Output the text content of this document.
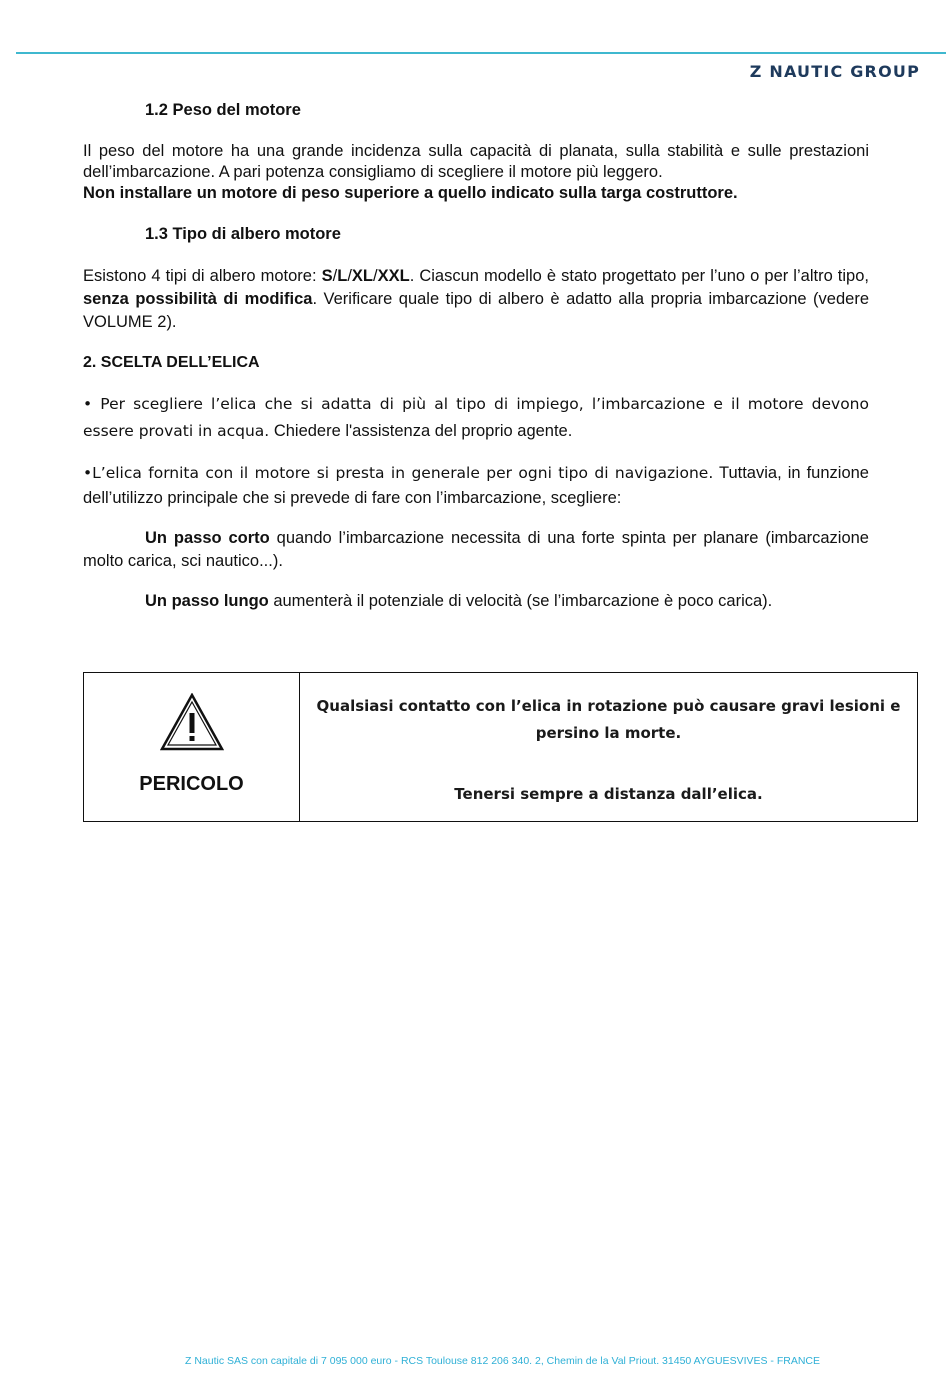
Z NAUTIC GROUP

1.2 Peso del motore

Il peso del motore ha una grande incidenza sulla capacità di planata, sulla stabilità e sulle prestazioni dell’imbarcazione. A pari potenza consigliamo di scegliere il motore più leggero.

Non installare un motore di peso superiore a quello indicato sulla targa costruttore.

1.3 Tipo di albero motore

Esistono 4 tipi di albero motore: S/L/XL/XXL. Ciascun modello è stato progettato per l’uno o per l’altro tipo, senza possibilità di modifica. Verificare quale tipo di albero è adatto alla propria imbarcazione (vedere VOLUME 2).

2. SCELTA DELL’ELICA

• Per scegliere l’elica che si adatta di più al tipo di impiego, l’imbarcazione e il motore devono essere provati in acqua. Chiedere l'assistenza del proprio agente.

•L’elica fornita con il motore si presta in generale per ogni tipo di navigazione. Tuttavia, in funzione dell’utilizzo principale che si prevede di fare con l’imbarcazione, scegliere:

Un passo corto quando l’imbarcazione necessita di una forte spinta per planare (imbarcazione molto carica, sci nautico...).

Un passo lungo aumenterà il potenziale di velocità (se l’imbarcazione è poco carica).

PERICOLO
Qualsiasi contatto con l’elica in rotazione può causare gravi lesioni e persino la morte.
Tenersi sempre a distanza dall’elica.
Z Nautic SAS con capitale di 7 095 000 euro - RCS Toulouse 812 206 340. 2, Chemin de la Val Priout. 31450 AYGUESVIVES - FRANCE
